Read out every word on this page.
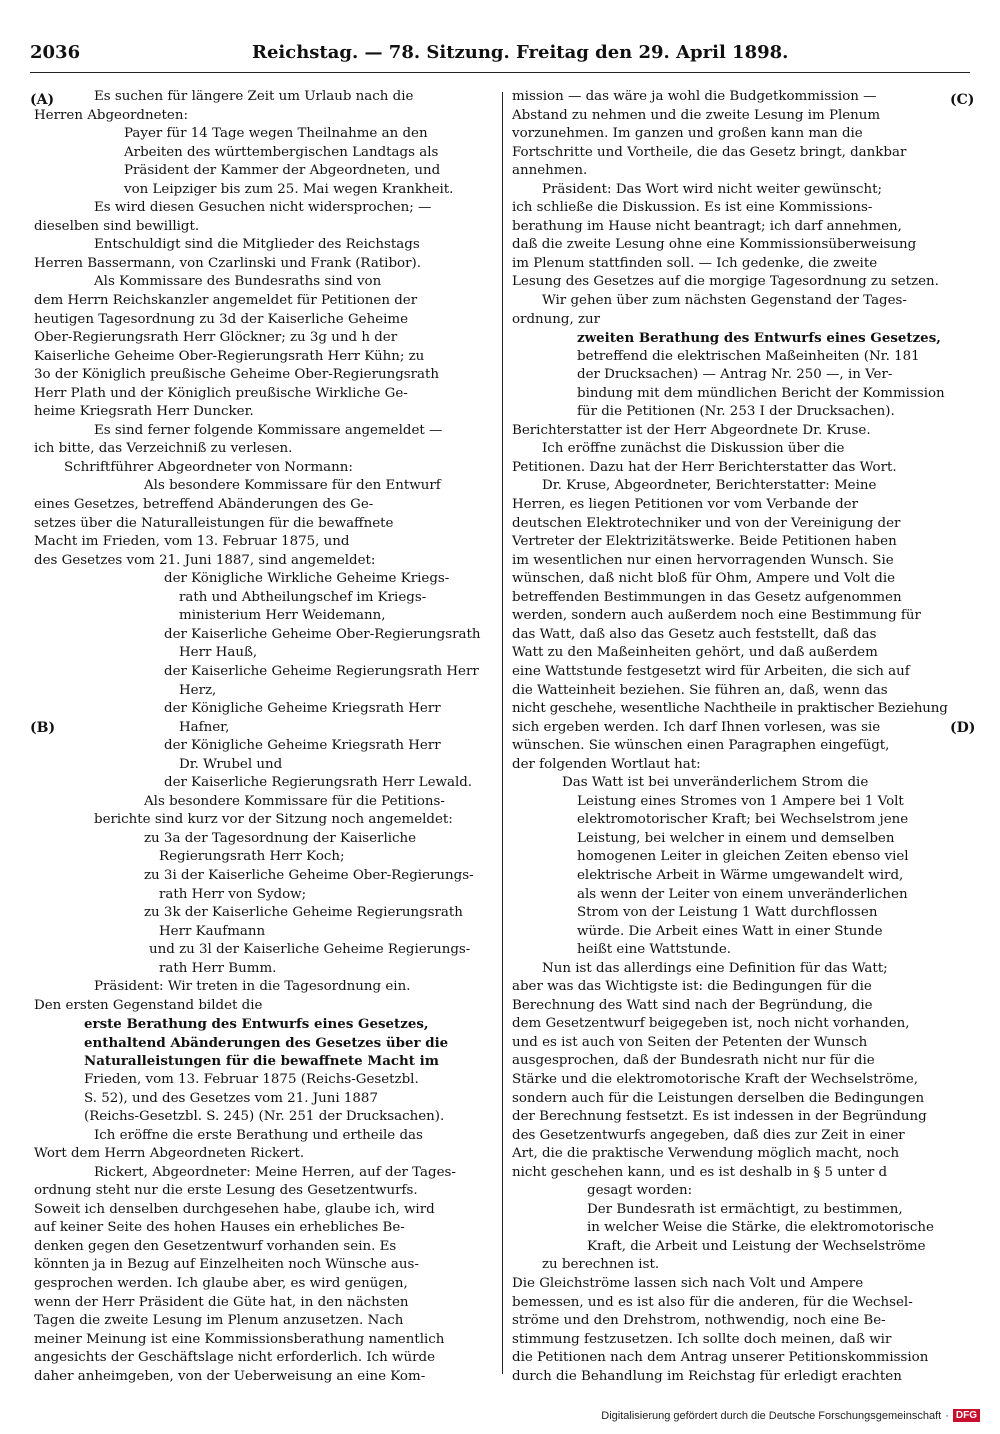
2036	Reichstag. — 78. Sitzung. Freitag den 29. April 1898.
(A)
(B)
(C)
(D)
Es suchen für längere Zeit um Urlaub nach die
Herren Abgeordneten:
Payer für 14 Tage wegen Theilnahme an den
Arbeiten des württembergischen Landtags als
Präsident der Kammer der Abgeordneten, und
von Leipziger bis zum 25. Mai wegen Krankheit.
Es wird diesen Gesuchen nicht widersprochen; —
dieselben sind bewilligt.
Entschuldigt sind die Mitglieder des Reichstags
Herren Bassermann, von Czarlinski und Frank (Ratibor).
Als Kommissare des Bundesraths sind von
dem Herrn Reichskanzler angemeldet für Petitionen der
heutigen Tagesordnung zu 3d der Kaiserliche Geheime
Ober-Regierungsrath Herr Glöckner; zu 3g und h der
Kaiserliche Geheime Ober-Regierungsrath Herr Kühn; zu
3o der Königlich preußische Geheime Ober-Regierungsrath
Herr Plath und der Königlich preußische Wirkliche Ge-
heime Kriegsrath Herr Duncker.
Es sind ferner folgende Kommissare angemeldet —
ich bitte, das Verzeichniß zu verlesen.
Schriftführer Abgeordneter von Normann:
Als besondere Kommissare für den Entwurf
eines Gesetzes, betreffend Abänderungen des Ge-
setzes über die Naturalleistungen für die bewaffnete
Macht im Frieden, vom 13. Februar 1875, und
des Gesetzes vom 21. Juni 1887, sind angemeldet:
der Königliche Wirkliche Geheime Kriegs-
rath und Abtheilungschef im Kriegs-
ministerium Herr Weidemann,
der Kaiserliche Geheime Ober-Regierungsrath
Herr Hauß,
der Kaiserliche Geheime Regierungsrath Herr
Herz,
der Königliche Geheime Kriegsrath Herr
Hafner,
der Königliche Geheime Kriegsrath Herr
Dr. Wrubel und
der Kaiserliche Regierungsrath Herr Lewald.
Als besondere Kommissare für die Petitions-
berichte sind kurz vor der Sitzung noch angemeldet:
zu 3a der Tagesordnung der Kaiserliche
Regierungsrath Herr Koch;
zu 3i der Kaiserliche Geheime Ober-Regierungs-
rath Herr von Sydow;
zu 3k der Kaiserliche Geheime Regierungsrath
Herr Kaufmann
und zu 3l der Kaiserliche Geheime Regierungs-
rath Herr Bumm.
Präsident: Wir treten in die Tagesordnung ein.
Den ersten Gegenstand bildet die
erste Berathung des Entwurfs eines Gesetzes,
enthaltend Abänderungen des Gesetzes über die
Naturalleistungen für die bewaffnete Macht im
Frieden, vom 13. Februar 1875 (Reichs-Gesetzbl.
S. 52), und des Gesetzes vom 21. Juni 1887
(Reichs-Gesetzbl. S. 245) (Nr. 251 der Drucksachen).
Ich eröffne die erste Berathung und ertheile das
Wort dem Herrn Abgeordneten Rickert.
Rickert, Abgeordneter: Meine Herren, auf der Tages-
ordnung steht nur die erste Lesung des Gesetzentwurfs.
Soweit ich denselben durchgesehen habe, glaube ich, wird
auf keiner Seite des hohen Hauses ein erhebliches Be-
denken gegen den Gesetzentwurf vorhanden sein. Es
könnten ja in Bezug auf Einzelheiten noch Wünsche aus-
gesprochen werden. Ich glaube aber, es wird genügen,
wenn der Herr Präsident die Güte hat, in den nächsten
Tagen die zweite Lesung im Plenum anzusetzen. Nach
meiner Meinung ist eine Kommissionsberathung namentlich
angesichts der Geschäftslage nicht erforderlich. Ich würde
daher anheimgeben, von der Ueberweisung an eine Kom-
mission — das wäre ja wohl die Budgetkommission —
Abstand zu nehmen und die zweite Lesung im Plenum
vorzunehmen. Im ganzen und großen kann man die
Fortschritte und Vortheile, die das Gesetz bringt, dankbar
annehmen.
Präsident: Das Wort wird nicht weiter gewünscht;
ich schließe die Diskussion. Es ist eine Kommissions-
berathung im Hause nicht beantragt; ich darf annehmen,
daß die zweite Lesung ohne eine Kommissionsüberweisung
im Plenum stattfinden soll. — Ich gedenke, die zweite
Lesung des Gesetzes auf die morgige Tagesordnung zu setzen.
Wir gehen über zum nächsten Gegenstand der Tages-
ordnung, zur
zweiten Berathung des Entwurfs eines Gesetzes,
betreffend die elektrischen Maßeinheiten (Nr. 181
der Drucksachen) — Antrag Nr. 250 —, in Ver-
bindung mit dem mündlichen Bericht der Kommission
für die Petitionen (Nr. 253 I der Drucksachen).
Berichterstatter ist der Herr Abgeordnete Dr. Kruse.
Ich eröffne zunächst die Diskussion über die
Petitionen. Dazu hat der Herr Berichterstatter das Wort.
Dr. Kruse, Abgeordneter, Berichterstatter: Meine
Herren, es liegen Petitionen vor vom Verbande der
deutschen Elektrotechniker und von der Vereinigung der
Vertreter der Elektrizitätswerke. Beide Petitionen haben
im wesentlichen nur einen hervorragenden Wunsch. Sie
wünschen, daß nicht bloß für Ohm, Ampere und Volt die
betreffenden Bestimmungen in das Gesetz aufgenommen
werden, sondern auch außerdem noch eine Bestimmung für
das Watt, daß also das Gesetz auch feststellt, daß das
Watt zu den Maßeinheiten gehört, und daß außerdem
eine Wattstunde festgesetzt wird für Arbeiten, die sich auf
die Watteinheit beziehen. Sie führen an, daß, wenn das
nicht geschehe, wesentliche Nachtheile in praktischer Beziehung
sich ergeben werden. Ich darf Ihnen vorlesen, was sie
wünschen. Sie wünschen einen Paragraphen eingefügt,
der folgenden Wortlaut hat:
Das Watt ist bei unveränderlichem Strom die
Leistung eines Stromes von 1 Ampere bei 1 Volt
elektromotorischer Kraft; bei Wechselstrom jene
Leistung, bei welcher in einem und demselben
homogenen Leiter in gleichen Zeiten ebenso viel
elektrische Arbeit in Wärme umgewandelt wird,
als wenn der Leiter von einem unveränderlichen
Strom von der Leistung 1 Watt durchflossen
würde. Die Arbeit eines Watt in einer Stunde
heißt eine Wattstunde.
Nun ist das allerdings eine Definition für das Watt;
aber was das Wichtigste ist: die Bedingungen für die
Berechnung des Watt sind nach der Begründung, die
dem Gesetzentwurf beigegeben ist, noch nicht vorhanden,
und es ist auch von Seiten der Petenten der Wunsch
ausgesprochen, daß der Bundesrath nicht nur für die
Stärke und die elektromotorische Kraft der Wechselströme,
sondern auch für die Leistungen derselben die Bedingungen
der Berechnung festsetzt. Es ist indessen in der Begründung
des Gesetzentwurfs angegeben, daß dies zur Zeit in einer
Art, die die praktische Verwendung möglich macht, noch
nicht geschehen kann, und es ist deshalb in § 5 unter d
gesagt worden:
Der Bundesrath ist ermächtigt, zu bestimmen,
in welcher Weise die Stärke, die elektromotorische
Kraft, die Arbeit und Leistung der Wechselströme
zu berechnen ist.
Die Gleichströme lassen sich nach Volt und Ampere
bemessen, und es ist also für die anderen, für die Wechsel-
ströme und den Drehstrom, nothwendig, noch eine Be-
stimmung festzusetzen. Ich sollte doch meinen, daß wir
die Petitionen nach dem Antrag unserer Petitionskommission
durch die Behandlung im Reichstag für erledigt erachten
Digitalisierung gefördert durch die Deutsche Forschungsgemeinschaft · DFG
